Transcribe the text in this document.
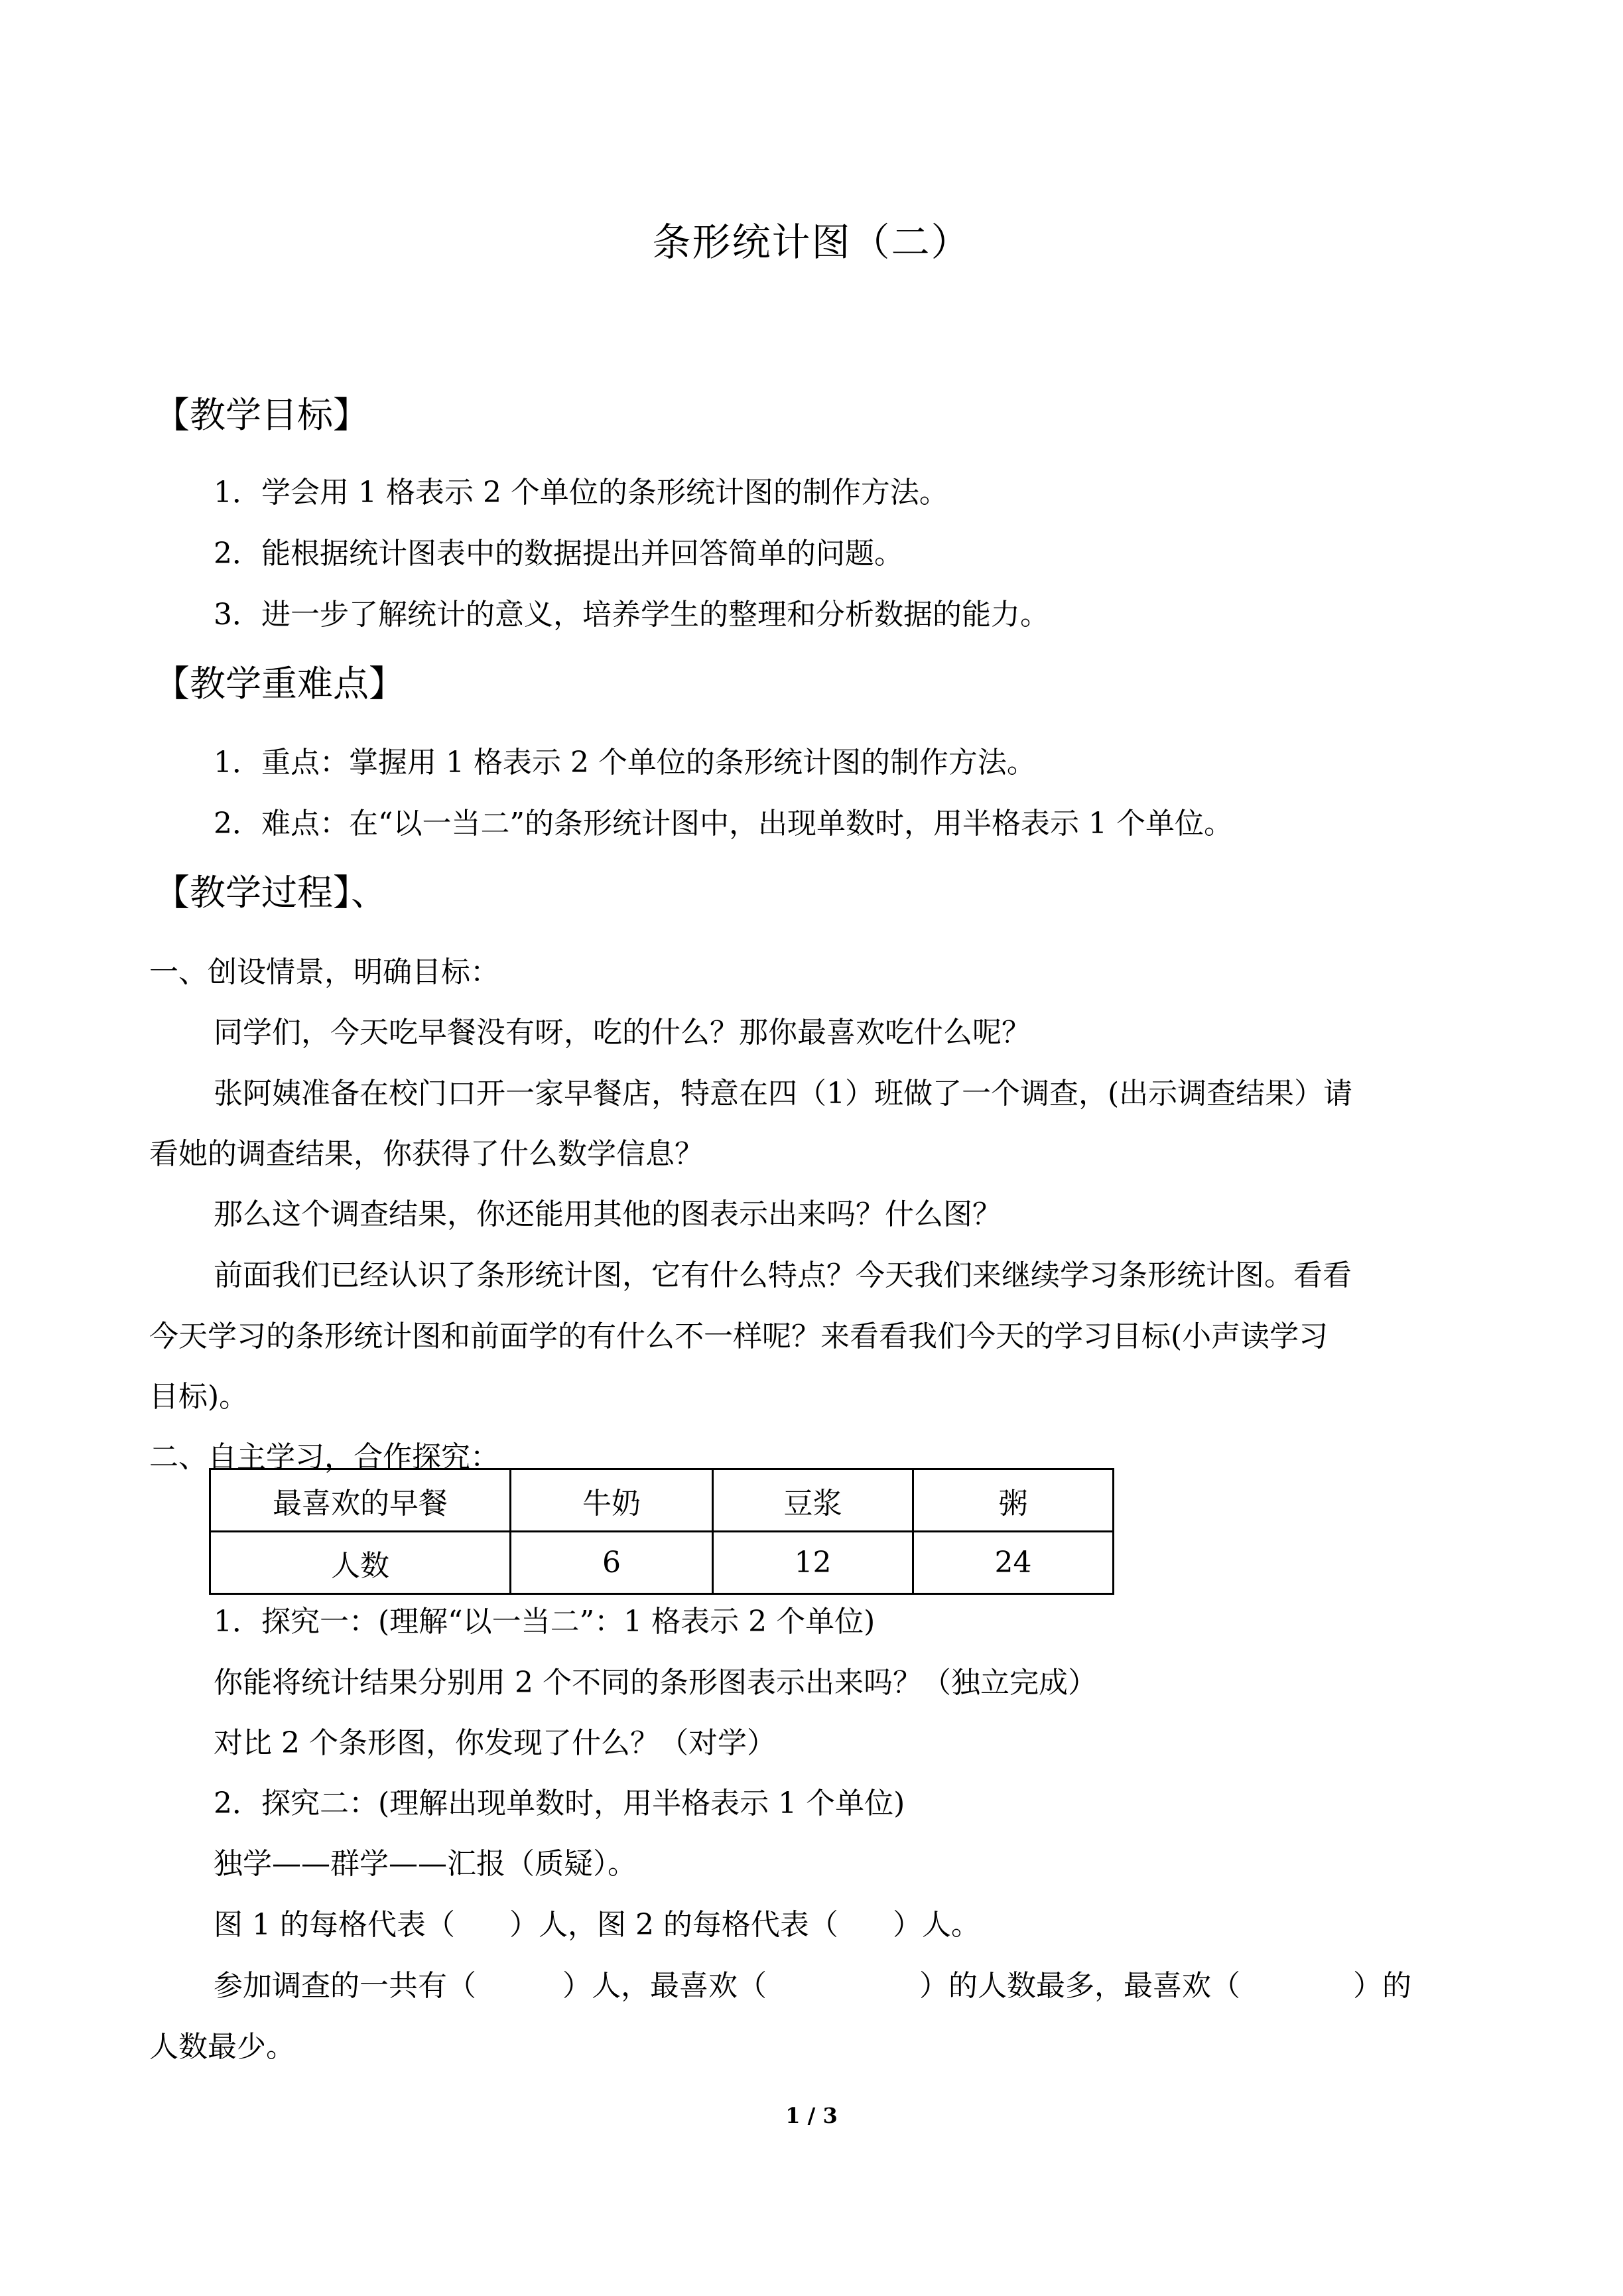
条形统计图（二）
【教学目标】
1．学会用 1 格表示 2 个单位的条形统计图的制作方法。
2．能根据统计图表中的数据提出并回答简单的问题。
3．进一步了解统计的意义，培养学生的整理和分析数据的能力。
【教学重难点】
1．重点：掌握用 1 格表示 2 个单位的条形统计图的制作方法。
2．难点：在“以一当二”的条形统计图中，出现单数时，用半格表示 1 个单位。
【教学过程】、
一、创设情景，明确目标：
同学们，今天吃早餐没有呀，吃的什么？那你最喜欢吃什么呢？
张阿姨准备在校门口开一家早餐店，特意在四（1）班做了一个调查，(出示调查结果）请
看她的调查结果，你获得了什么数学信息？
那么这个调查结果，你还能用其他的图表示出来吗？什么图？
前面我们已经认识了条形统计图，它有什么特点？今天我们来继续学习条形统计图。看看
今天学习的条形统计图和前面学的有什么不一样呢？来看看我们今天的学习目标(小声读学习
目标)。
二、自主学习，合作探究：
最喜欢的早餐	牛奶	豆浆	粥
人数	6	12	24
1．探究一：(理解“以一当二”：1 格表示 2 个单位)
你能将统计结果分别用 2 个不同的条形图表示出来吗？（独立完成）
对比 2 个条形图，你发现了什么？（对学）
2．探究二：(理解出现单数时，用半格表示 1 个单位)
独学——群学——汇报（质疑）。
图 1 的每格代表（ ）人，图 2 的每格代表（ ）人。
参加调查的一共有（	）人，最喜欢（	）的人数最多，最喜欢（	）的
人数最少。
1 / 3
